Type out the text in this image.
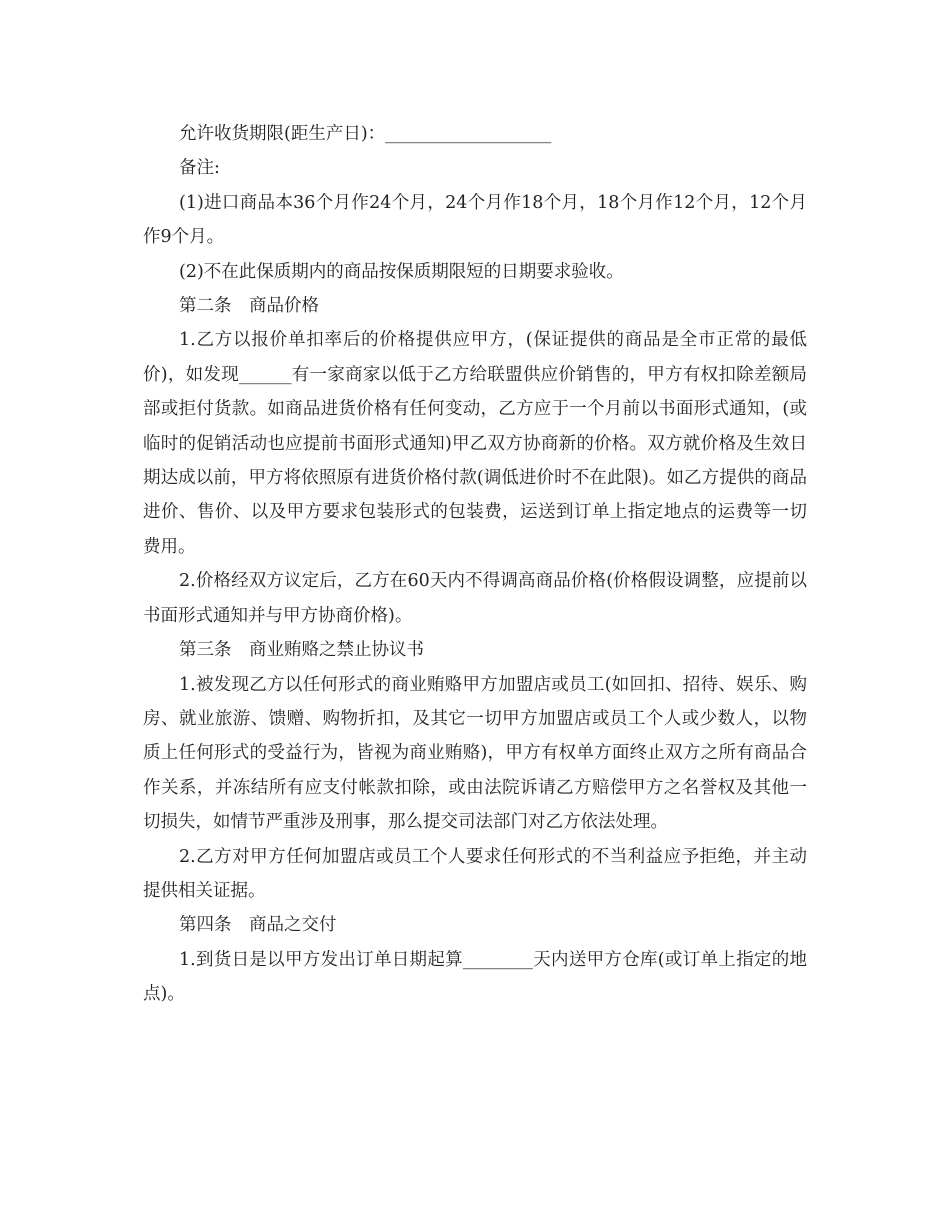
允许收货期限(距生产日)：___________________

备注:

(1)进口商品本36个月作24个月，24个月作18个月，18个月作12个月，12个月作9个月。

(2)不在此保质期内的商品按保质期限短的日期要求验收。

第二条　商品价格

1.乙方以报价单扣率后的价格提供应甲方，(保证提供的商品是全市正常的最低价)，如发现______有一家商家以低于乙方给联盟供应价销售的，甲方有权扣除差额局部或拒付货款。如商品进货价格有任何变动，乙方应于一个月前以书面形式通知，(或临时的促销活动也应提前书面形式通知)甲乙双方协商新的价格。双方就价格及生效日期达成以前，甲方将依照原有进货价格付款(调低进价时不在此限)。如乙方提供的商品进价、售价、以及甲方要求包装形式的包装费，运送到订单上指定地点的运费等一切费用。

2.价格经双方议定后，乙方在60天内不得调高商品价格(价格假设调整，应提前以书面形式通知并与甲方协商价格)。

第三条　商业贿赂之禁止协议书

1.被发现乙方以任何形式的商业贿赂甲方加盟店或员工(如回扣、招待、娱乐、购房、就业旅游、馈赠、购物折扣，及其它一切甲方加盟店或员工个人或少数人，以物质上任何形式的受益行为，皆视为商业贿赂)，甲方有权单方面终止双方之所有商品合作关系，并冻结所有应支付帐款扣除，或由法院诉请乙方赔偿甲方之名誉权及其他一切损失，如情节严重涉及刑事，那么提交司法部门对乙方依法处理。

2.乙方对甲方任何加盟店或员工个人要求任何形式的不当利益应予拒绝，并主动提供相关证据。

第四条　商品之交付

1.到货日是以甲方发出订单日期起算________天内送甲方仓库(或订单上指定的地点)。
